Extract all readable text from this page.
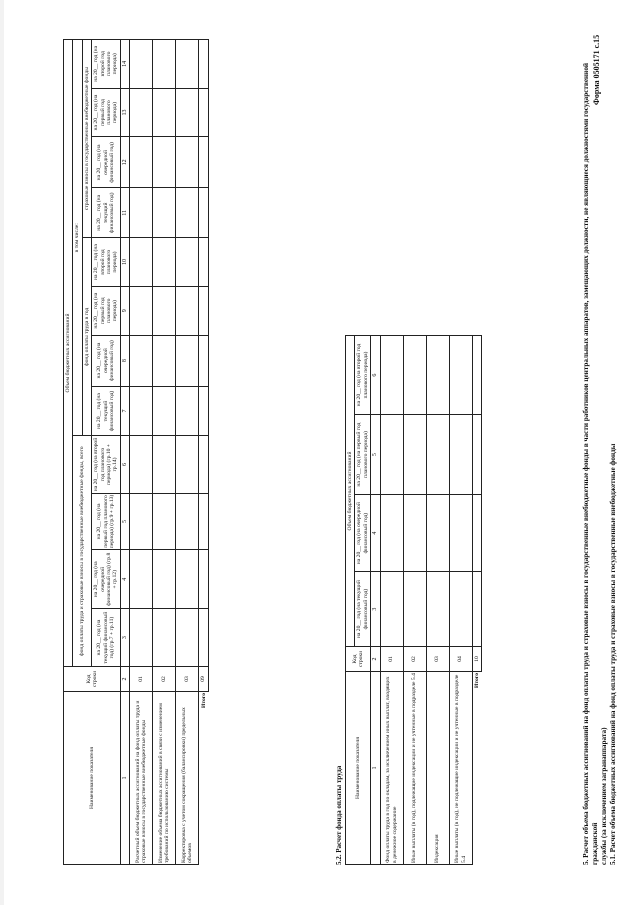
Форма 0505171 с.15
5. Расчет объема бюджетных ассигнований на фонд оплаты труда и страховые взносы в государственные внебюджетные фонды в части работников центральных аппаратов, замещающих должности, не являющиеся должностями государственной гражданской службы (за исключением загранаппарата) 5.1. Расчет объема бюджетных ассигнований на фонд оплаты труда и страховые взносы в государственные внебюджетные фонды
Наименование показателя	Код строки	Объем бюджетных ассигнований											
		фонд оплаты труда и страховые взносы в государственные внебюджетные фонды, всего				в том числе:							
						фонд оплаты труда в год				страховые взносы в государственные внебюджетные фонды			
		на 20__ год (на текущий финансовый год) (гр.7 + гр.11)	на 20__ год (на очередной финансовый год) (гр.8 + гр.12)	на 20__ год (на первый год планового периода) (гр.9 + гр.13)	на 20__ год (на второй год планового периода) (гр.10 + гр.14)	на 20__ год (на текущий финансовый год)	на 20__ год (на очередной финансовый год)	на 20__ год (на первый год планового периода)	на 20__ год (на второй год планового периода)	на 20__ год (на текущий финансовый год)	на 20__ год (на очередной финансовый год)	на 20__ год (на первый год планового периода)	на 20__ год (на второй год планового периода)
1	2	3	4	5	6	7	8	9	10	11	12	13	14
Расчетный объем бюджетных ассигнований на фонд оплаты труда и страховые взносы в государственные внебюджетные фонды	01												
Изменение объема бюджетных ассигнований в связи с изменением требований по использованию системы	02												
Корректировка с учетом сокращения (балансировки) предельных объемов	03												
Итого	09												
5.2. Расчет фонда оплаты труда Наименование показателя	Код строки	Объем бюджетных ассигнований			
		на 20__ год (на текущий финансовый год)	на 20__ год (на очередной финансовый год)	на 20__ год (на первый год планового периода)	на 20__ год (на второй год планового периода)
1	2	3	4	5	6
Фонд оплаты труда в год по окладам, за исключением иных выплат, входящих в денежное содержание	01				
Иные выплаты (в год), подлежащие индексации и не учтенные в подразделе 5.4	02				
Индексация	03				
Иные выплаты (в год), не подлежащие индексации и не учтенные в подразделе 5.4	04				
Итого	10				
